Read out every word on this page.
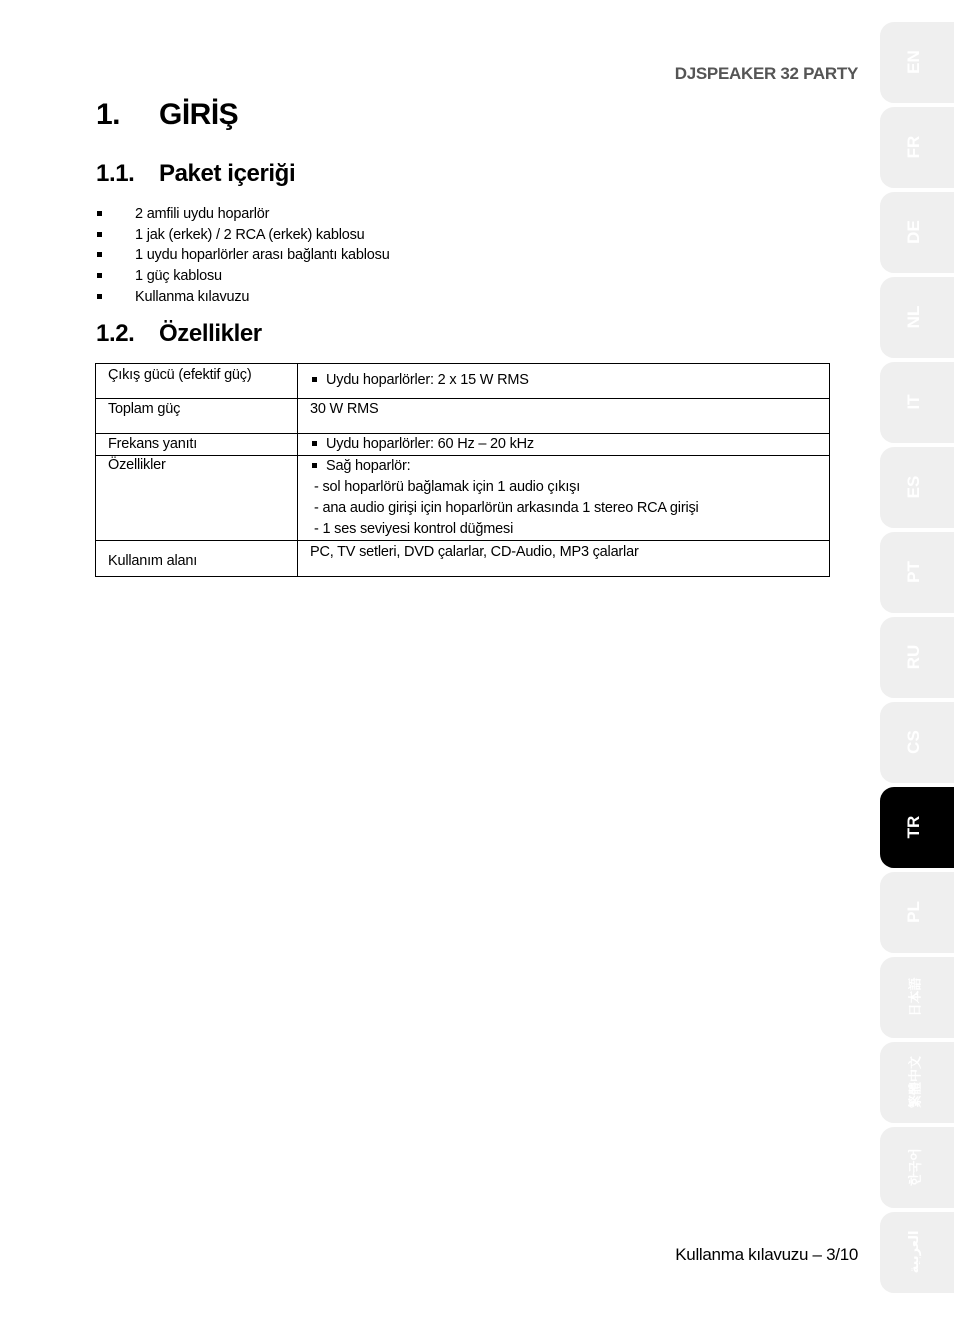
DJSPEAKER 32 PARTY
1. GİRİŞ
1.1. Paket içeriği
2 amfili uydu hoparlör
1 jak (erkek) / 2 RCA (erkek) kablosu
1 uydu hoparlörler arası bağlantı kablosu
1 güç kablosu
Kullanma kılavuzu
1.2. Özellikler
Çıkış gücü (efektif güç)	Uydu hoparlörler: 2 x 15 W RMS

Toplam güç	30 W RMS

Frekans yanıtı	Uydu hoparlörler: 60 Hz – 20 kHz

Özellikler	Sağ hoparlör:
- sol hoparlörü bağlamak için 1 audio çıkışı
- ana audio girişi için hoparlörün arkasında 1 stereo RCA girişi
- 1 ses seviyesi kontrol düğmesi

Kullanım alanı	PC, TV setleri, DVD çalarlar, CD-Audio, MP3 çalarlar
Kullanma kılavuzu – 3/10
EN
FR
DE
NL
IT
ES
PT
RU
CS
TR
PL
日本語
繁體中文
한국어
العربية
